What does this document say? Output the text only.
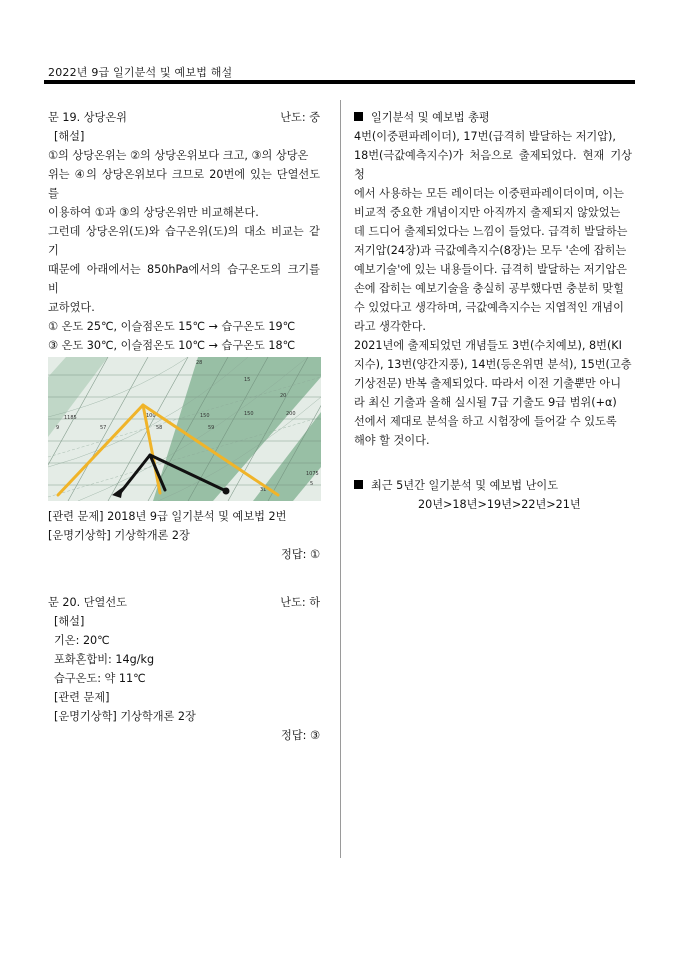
2022년 9급 일기분석 및 예보법 해설
문 19. 상당온위	난도: 중
[해설]
①의 상당온위는 ②의 상당온위보다 크고, ③의 상당온
위는 ④의 상당온위보다 크므로 20번에 있는 단열선도를
이용하여 ①과 ③의 상당온위만 비교해본다.
그런데 상당온위(도)와 습구온위(도)의 대소 비교는 같기
때문에 아래에서는 850hPa에서의 습구온도의 크기를 비
교하였다.
① 온도 25℃, 이슬점온도 15℃ → 습구온도 19℃
③ 온도 30℃, 이슬점온도 10℃ → 습구온도 18℃
28
1185
9
100
57	58	59
150	200
150
15
20
31
1075
5
[관련 문제] 2018년 9급 일기분석 및 예보법 2번
[운명기상학] 기상학개론 2장
정답: ①
문 20. 단열선도	난도: 하
[해설]
기온: 20℃
포화혼합비: 14g/kg
습구온도: 약 11℃
[관련 문제]
[운명기상학] 기상학개론 2장
정답: ③
일기분석 및 예보법 총평
4번(이중편파레이더), 17번(급격히 발달하는 저기압),
18번(극값예측지수)가 처음으로 출제되었다. 현재 기상청
에서 사용하는 모든 레이더는 이중편파레이더이며, 이는
비교적 중요한 개념이지만 아직까지 출제되지 않았었는
데 드디어 출제되었다는 느낌이 들었다. 급격히 발달하는
저기압(24장)과 극값예측지수(8장)는 모두 '손에 잡히는
예보기술'에 있는 내용들이다. 급격히 발달하는 저기압은
손에 잡히는 예보기술을 충실히 공부했다면 충분히 맞힐
수 있었다고 생각하며, 극값예측지수는 지엽적인 개념이
라고 생각한다.
2021년에 출제되었던 개념들도 3번(수치예보), 8번(KI
지수), 13번(양간지풍), 14번(등온위면 분석), 15번(고층
기상전문) 반복 출제되었다. 따라서 이전 기출뿐만 아니
라 최신 기출과 올해 실시될 7급 기출도 9급 범위(+α)
선에서 제대로 분석을 하고 시험장에 들어갈 수 있도록
해야 할 것이다.
최근 5년간 일기분석 및 예보법 난이도
20년>18년>19년>22년>21년
